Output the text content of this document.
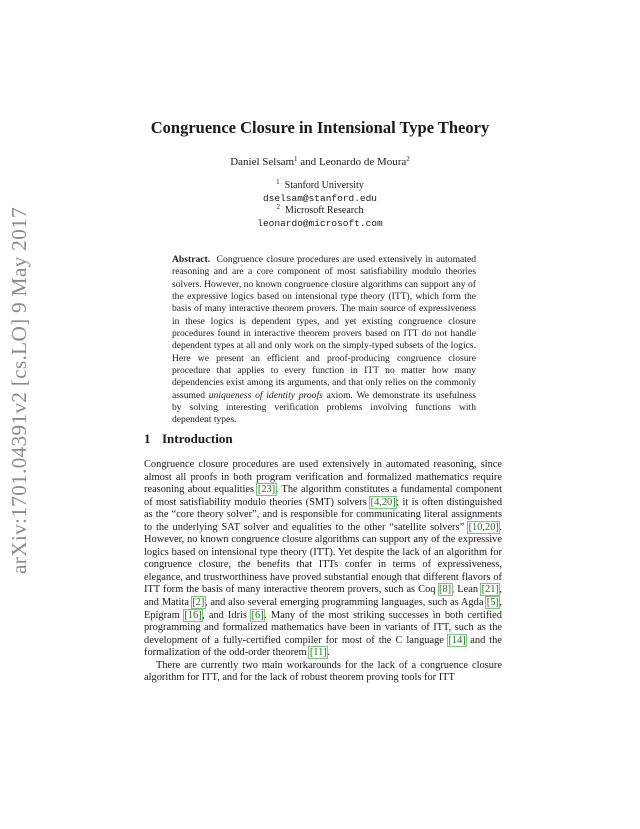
arXiv:1701.04391v2 [cs.LO] 9 May 2017
Congruence Closure in Intensional Type Theory
Daniel Selsam$^1$ and Leonardo de Moura$^2$
$^1$ Stanford University
dselsam@stanford.edu
$^2$ Microsoft Research
leonardo@microsoft.com

Abstract. Congruence closure procedures are used extensively in automated reasoning and are a core component of most satisfiability modulo theories solvers. However, no known congruence closure algorithms can support any of the expressive logics based on intensional type theory (ITT), which form the basis of many interactive theorem provers. The main source of expressiveness in these logics is dependent types, and yet existing congruence closure procedures found in interactive theorem provers based on ITT do not handle dependent types at all and only work on the simply-typed subsets of the logics. Here we present an efficient and proof-producing congruence closure procedure that applies to every function in ITT no matter how many dependencies exist among its arguments, and that only relies on the commonly assumed uniqueness of identity proofs axiom. We demonstrate its usefulness by solving interesting verification problems involving functions with dependent types.

1 Introduction

Congruence closure procedures are used extensively in automated reasoning, since almost all proofs in both program verification and formalized mathematics require reasoning about equalities [23]. The algorithm constitutes a fundamental component of most satisfiability modulo theories (SMT) solvers [4,20]; it is often distinguished as the “core theory solver”, and is responsible for communicating literal assignments to the underlying SAT solver and equalities to the other “satellite solvers” [10,20]. However, no known congruence closure algorithms can support any of the expressive logics based on intensional type theory (ITT). Yet despite the lack of an algorithm for congruence closure, the benefits that ITTs confer in terms of expressiveness, elegance, and trustworthiness have proved substantial enough that different flavors of ITT form the basis of many interactive theorem provers, such as Coq [8], Lean [21], and Matita [2], and also several emerging programming languages, such as Agda [5], Epigram [16], and Idris [6]. Many of the most striking successes in both certified programming and formalized mathematics have been in variants of ITT, such as the development of a fully-certified compiler for most of the C language [14] and the formalization of the odd-order theorem [11].

There are currently two main workarounds for the lack of a congruence closure algorithm for ITT, and for the lack of robust theorem proving tools for ITT
